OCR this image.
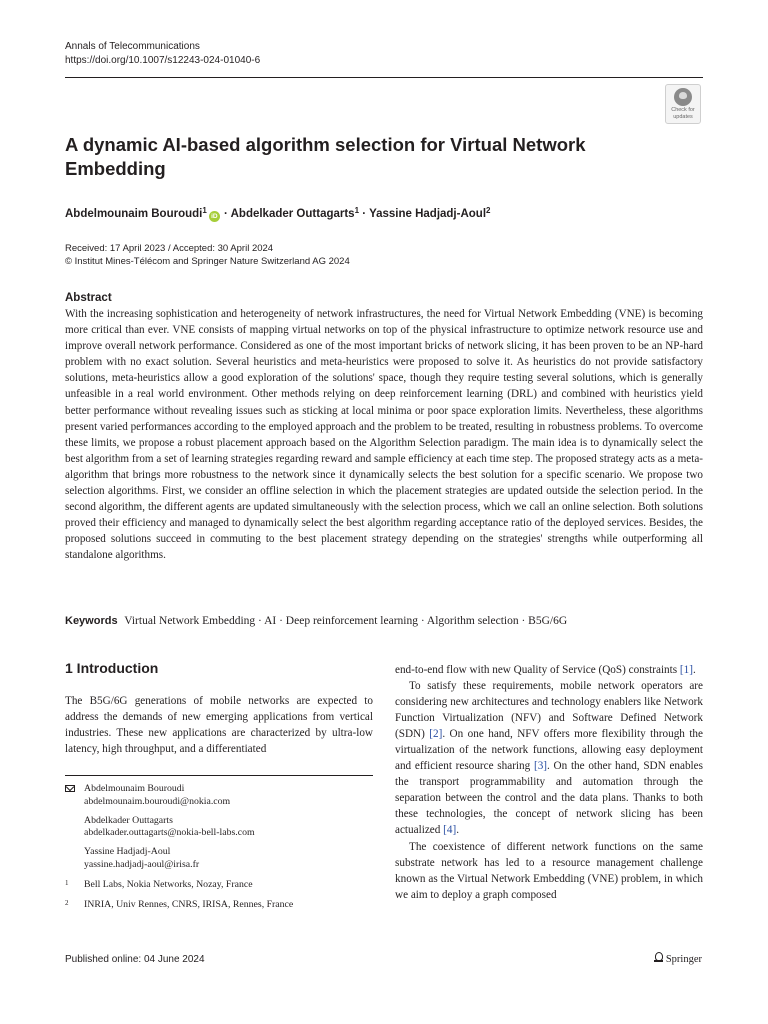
Annals of Telecommunications
https://doi.org/10.1007/s12243-024-01040-6
Check for
updates
A dynamic AI-based algorithm selection for Virtual Network Embedding
Abdelmounaim Bouroudi$^1$iD · Abdelkader Outtagarts$^1$ · Yassine Hadjadj-Aoul$^2$
Received: 17 April 2023 / Accepted: 30 April 2024
© Institut Mines-Télécom and Springer Nature Switzerland AG 2024
Abstract

With the increasing sophistication and heterogeneity of network infrastructures, the need for Virtual Network Embedding (VNE) is becoming more critical than ever. VNE consists of mapping virtual networks on top of the physical infrastructure to optimize network resource use and improve overall network performance. Considered as one of the most important bricks of network slicing, it has been proven to be an NP-hard problem with no exact solution. Several heuristics and meta-heuristics were proposed to solve it. As heuristics do not provide satisfactory solutions, meta-heuristics allow a good exploration of the solutions' space, though they require testing several solutions, which is generally unfeasible in a real world environment. Other methods relying on deep reinforcement learning (DRL) and combined with heuristics yield better performance without revealing issues such as sticking at local minima or poor space exploration limits. Nevertheless, these algorithms present varied performances according to the employed approach and the problem to be treated, resulting in robustness problems. To overcome these limits, we propose a robust placement approach based on the Algorithm Selection paradigm. The main idea is to dynamically select the best algorithm from a set of learning strategies regarding reward and sample efficiency at each time step. The proposed strategy acts as a meta-algorithm that brings more robustness to the network since it dynamically selects the best solution for a specific scenario. We propose two selection algorithms. First, we consider an offline selection in which the placement strategies are updated outside the selection period. In the second algorithm, the different agents are updated simultaneously with the selection process, which we call an online selection. Both solutions proved their efficiency and managed to dynamically select the best algorithm regarding acceptance ratio of the deployed services. Besides, the proposed solutions succeed in commuting to the best placement strategy depending on the strategies' strengths while outperforming all standalone algorithms.

Keywords Virtual Network Embedding · AI · Deep reinforcement learning · Algorithm selection · B5G/6G
1 Introduction

The B5G/6G generations of mobile networks are expected to address the demands of new emerging applications from vertical industries. These new applications are characterized by ultra-low latency, high throughput, and a differentiated

Abdelmounaim Bouroudi
abdelmounaim.bouroudi@nokia.com
Abdelkader Outtagarts
abdelkader.outtagarts@nokia-bell-labs.com
Yassine Hadjadj-Aoul
yassine.hadjadj-aoul@irisa.fr
1 Bell Labs, Nokia Networks, Nozay, France
2 INRIA, Univ Rennes, CNRS, IRISA, Rennes, France

end-to-end flow with new Quality of Service (QoS) constraints [1].

To satisfy these requirements, mobile network operators are considering new architectures and technology enablers like Network Function Virtualization (NFV) and Software Defined Network (SDN) [2]. On one hand, NFV offers more flexibility through the virtualization of the network functions, allowing easy deployment and efficient resource sharing [3]. On the other hand, SDN enables the transport programmability and automation through the separation between the control and the data plans. Thanks to both these technologies, the concept of network slicing has been actualized [4].

The coexistence of different network functions on the same substrate network has led to a resource management challenge known as the Virtual Network Embedding (VNE) problem, in which we aim to deploy a graph composed

Published online: 04 June 2024	Springer
